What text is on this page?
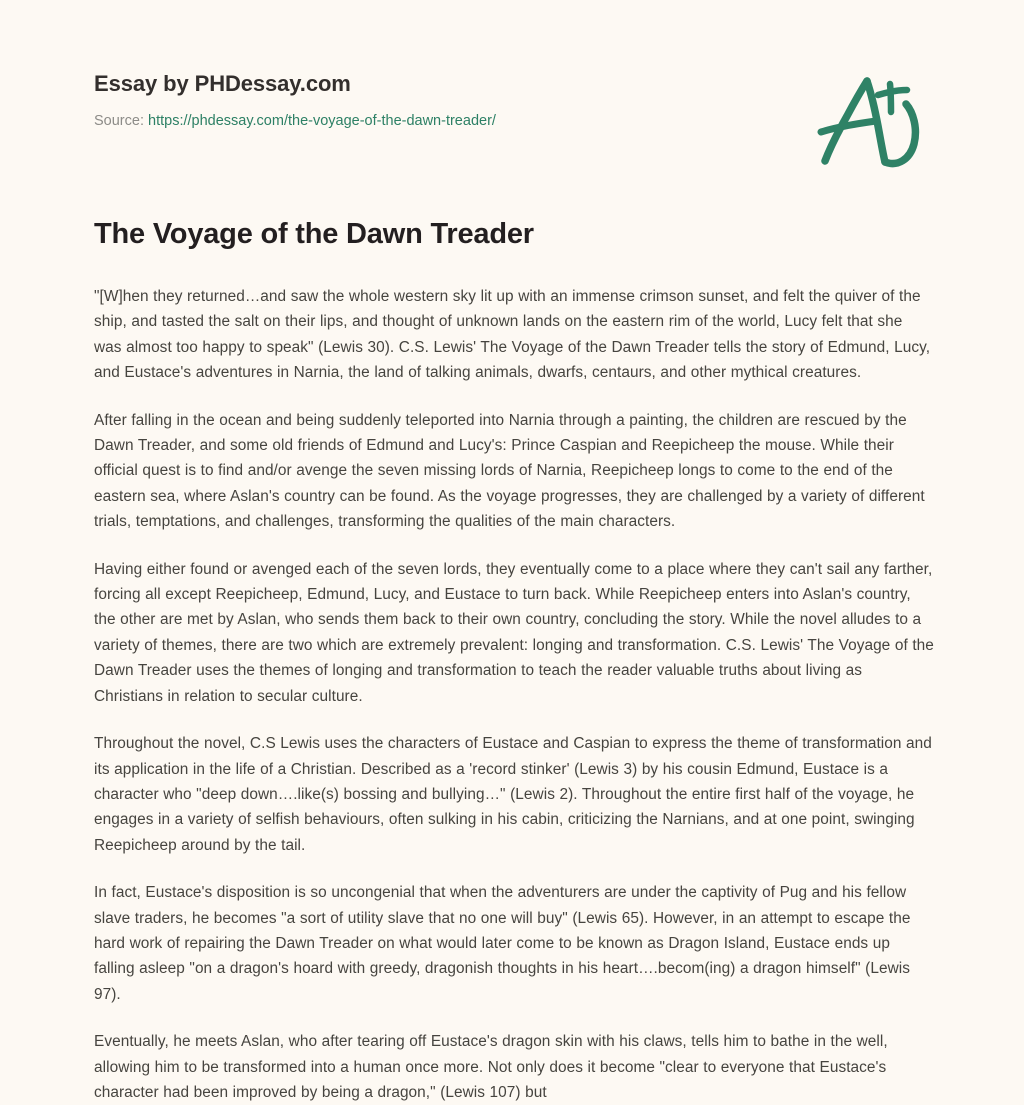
Essay by PHDessay.com
Source: https://phdessay.com/the-voyage-of-the-dawn-treader/
The Voyage of the Dawn Treader

"[W]hen they returned…and saw the whole western sky lit up with an immense crimson sunset, and felt the quiver of the ship, and tasted the salt on their lips, and thought of unknown lands on the eastern rim of the world, Lucy felt that she was almost too happy to speak" (Lewis 30). C.S. Lewis' The Voyage of the Dawn Treader tells the story of Edmund, Lucy, and Eustace's adventures in Narnia, the land of talking animals, dwarfs, centaurs, and other mythical creatures.

After falling in the ocean and being suddenly teleported into Narnia through a painting, the children are rescued by the Dawn Treader, and some old friends of Edmund and Lucy's: Prince Caspian and Reepicheep the mouse. While their official quest is to find and/or avenge the seven missing lords of Narnia, Reepicheep longs to come to the end of the eastern sea, where Aslan's country can be found. As the voyage progresses, they are challenged by a variety of different trials, temptations, and challenges, transforming the qualities of the main characters.

Having either found or avenged each of the seven lords, they eventually come to a place where they can't sail any farther, forcing all except Reepicheep, Edmund, Lucy, and Eustace to turn back. While Reepicheep enters into Aslan's country, the other are met by Aslan, who sends them back to their own country, concluding the story. While the novel alludes to a variety of themes, there are two which are extremely prevalent: longing and transformation. C.S. Lewis' The Voyage of the Dawn Treader uses the themes of longing and transformation to teach the reader valuable truths about living as Christians in relation to secular culture.

Throughout the novel, C.S Lewis uses the characters of Eustace and Caspian to express the theme of transformation and its application in the life of a Christian. Described as a 'record stinker' (Lewis 3) by his cousin Edmund, Eustace is a character who "deep down….like(s) bossing and bullying…" (Lewis 2). Throughout the entire first half of the voyage, he engages in a variety of selfish behaviours, often sulking in his cabin, criticizing the Narnians, and at one point, swinging Reepicheep around by the tail.

In fact, Eustace's disposition is so uncongenial that when the adventurers are under the captivity of Pug and his fellow slave traders, he becomes "a sort of utility slave that no one will buy" (Lewis 65). However, in an attempt to escape the hard work of repairing the Dawn Treader on what would later come to be known as Dragon Island, Eustace ends up falling asleep "on a dragon's hoard with greedy, dragonish thoughts in his heart….becom(ing) a dragon himself" (Lewis 97).

Eventually, he meets Aslan, who after tearing off Eustace's dragon skin with his claws, tells him to bathe in the well, allowing him to be transformed into a human once more. Not only does it become "clear to everyone that Eustace's character had been improved by being a dragon," (Lewis 107) but
